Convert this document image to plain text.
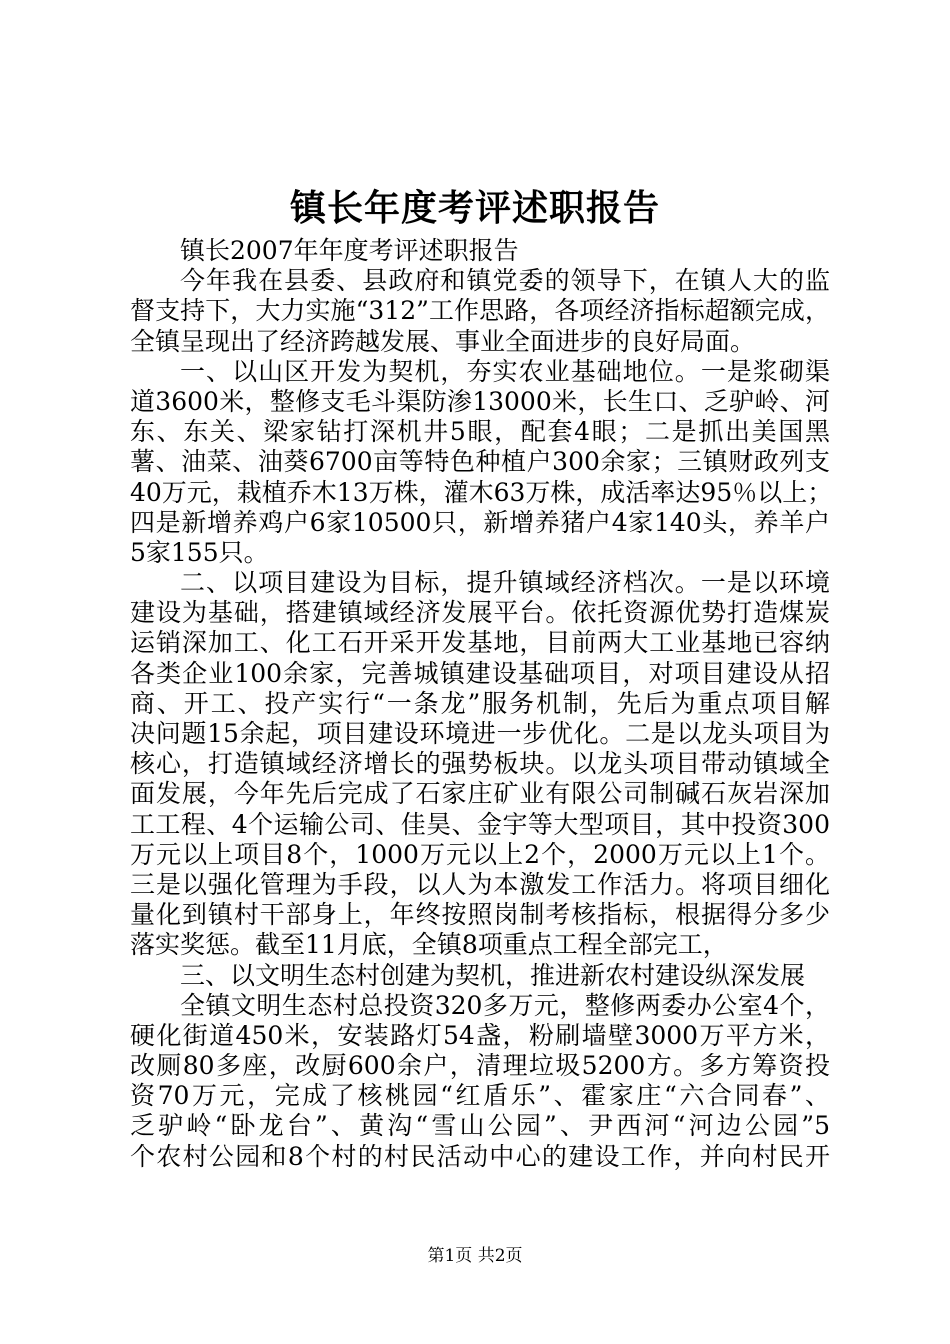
镇长年度考评述职报告
镇长2007年年度考评述职报告
今年我在县委、县政府和镇党委的领导下，在镇人大的监
督支持下，大力实施“312”工作思路，各项经济指标超额完成，
全镇呈现出了经济跨越发展、事业全面进步的良好局面。
一、以山区开发为契机，夯实农业基础地位。一是浆砌渠
道3600米，整修支毛斗渠防渗13000米，长生口、乏驴岭、河
东、东关、梁家钻打深机井5眼，配套4眼；二是抓出美国黑
薯、油菜、油葵6700亩等特色种植户300余家；三镇财政列支
40万元，栽植乔木13万株，灌木63万株，成活率达95％以上；
四是新增养鸡户6家10500只，新增养猪户4家140头，养羊户
5家155只。
二、以项目建设为目标，提升镇域经济档次。一是以环境
建设为基础，搭建镇域经济发展平台。依托资源优势打造煤炭
运销深加工、化工石开采开发基地，目前两大工业基地已容纳
各类企业100余家，完善城镇建设基础项目，对项目建设从招
商、开工、投产实行“一条龙”服务机制，先后为重点项目解
决问题15余起，项目建设环境进一步优化。二是以龙头项目为
核心，打造镇域经济增长的强势板块。以龙头项目带动镇域全
面发展，今年先后完成了石家庄矿业有限公司制碱石灰岩深加
工工程、4个运输公司、佳昊、金宇等大型项目，其中投资300
万元以上项目8个，1000万元以上2个，2000万元以上1个。
三是以强化管理为手段，以人为本激发工作活力。将项目细化
量化到镇村干部身上，年终按照岗制考核指标，根据得分多少
落实奖惩。截至11月底，全镇8项重点工程全部完工，
三、以文明生态村创建为契机，推进新农村建设纵深发展
全镇文明生态村总投资320多万元，整修两委办公室4个，
硬化街道450米，安装路灯54盏，粉刷墙壁3000万平方米，
改厕80多座，改厨600余户，清理垃圾5200方。多方筹资投
资70万元，完成了核桃园“红盾乐”、霍家庄“六合同春”、
乏驴岭“卧龙台”、黄沟“雪山公园”、尹西河“河边公园”5
个农村公园和8个村的村民活动中心的建设工作，并向村民开
第1页 共2页
